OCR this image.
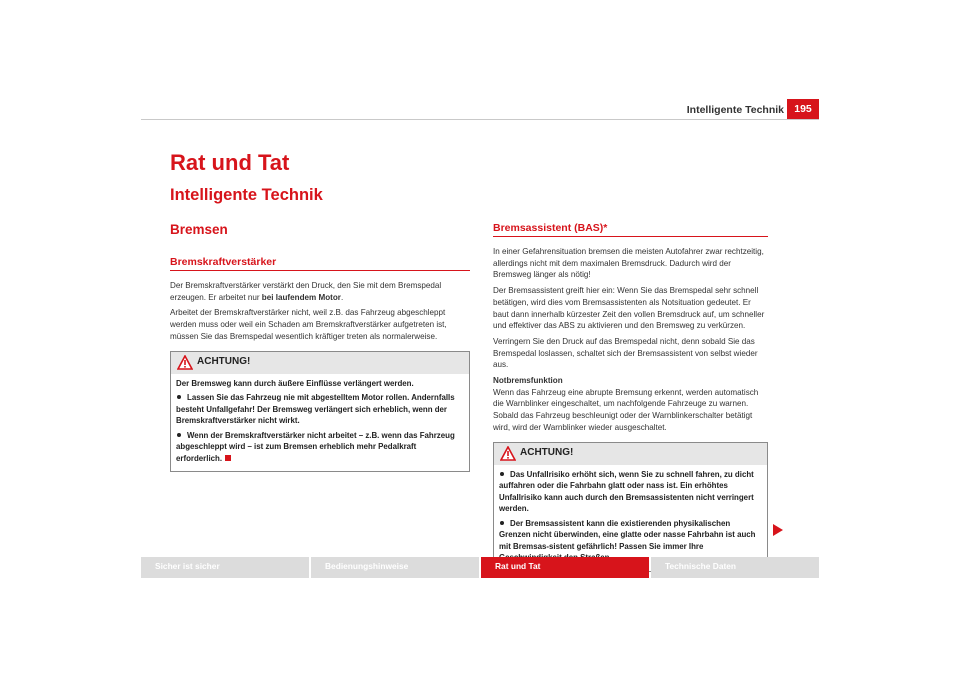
Intelligente Technik 195
Rat und Tat
Intelligente Technik
Bremsen
Bremskraftverstärker

Der Bremskraftverstärker verstärkt den Druck, den Sie mit dem Bremspedal erzeugen. Er arbeitet nur bei laufendem Motor.

Arbeitet der Bremskraftverstärker nicht, weil z.B. das Fahrzeug abgeschleppt werden muss oder weil ein Schaden am Bremskraftverstärker aufgetreten ist, müssen Sie das Bremspedal wesentlich kräftiger treten als normalerweise.

ACHTUNG!

Der Bremsweg kann durch äußere Einflüsse verlängert werden.

Lassen Sie das Fahrzeug nie mit abgestelltem Motor rollen. Andernfalls besteht Unfallgefahr! Der Bremsweg verlängert sich erheblich, wenn der Bremskraftverstärker nicht wirkt.

Wenn der Bremskraftverstärker nicht arbeitet – z.B. wenn das Fahrzeug abgeschleppt wird – ist zum Bremsen erheblich mehr Pedalkraft erforderlich.

Bremsassistent (BAS)*

In einer Gefahrensituation bremsen die meisten Autofahrer zwar rechtzeitig, allerdings nicht mit dem maximalen Bremsdruck. Dadurch wird der Bremsweg länger als nötig!

Der Bremsassistent greift hier ein: Wenn Sie das Bremspedal sehr schnell betätigen, wird dies vom Bremsassistenten als Notsituation gedeutet. Er baut dann innerhalb kürzester Zeit den vollen Bremsdruck auf, um schneller und effektiver das ABS zu aktivieren und den Bremsweg zu verkürzen.

Verringern Sie den Druck auf das Bremspedal nicht, denn sobald Sie das Bremspedal loslassen, schaltet sich der Bremsassistent von selbst wieder aus.

Notbremsfunktion

Wenn das Fahrzeug eine abrupte Bremsung erkennt, werden automatisch die Warnblinker eingeschaltet, um nachfolgende Fahrzeuge zu warnen. Sobald das Fahrzeug beschleunigt oder der Warnblinkerschalter betätigt wird, wird der Warnblinker wieder ausgeschaltet.

ACHTUNG!

Das Unfallrisiko erhöht sich, wenn Sie zu schnell fahren, zu dicht auffahren oder die Fahrbahn glatt oder nass ist. Ein erhöhtes Unfallrisiko kann auch durch den Bremsassistenten nicht verringert werden.

Der Bremsassistent kann die existierenden physikalischen Grenzen nicht überwinden, eine glatte oder nasse Fahrbahn ist auch mit Bremsas-sistent gefährlich! Passen Sie immer Ihre

Sicher ist sicher	Bedienungshinweise	Rat und Tat	Technische Daten
